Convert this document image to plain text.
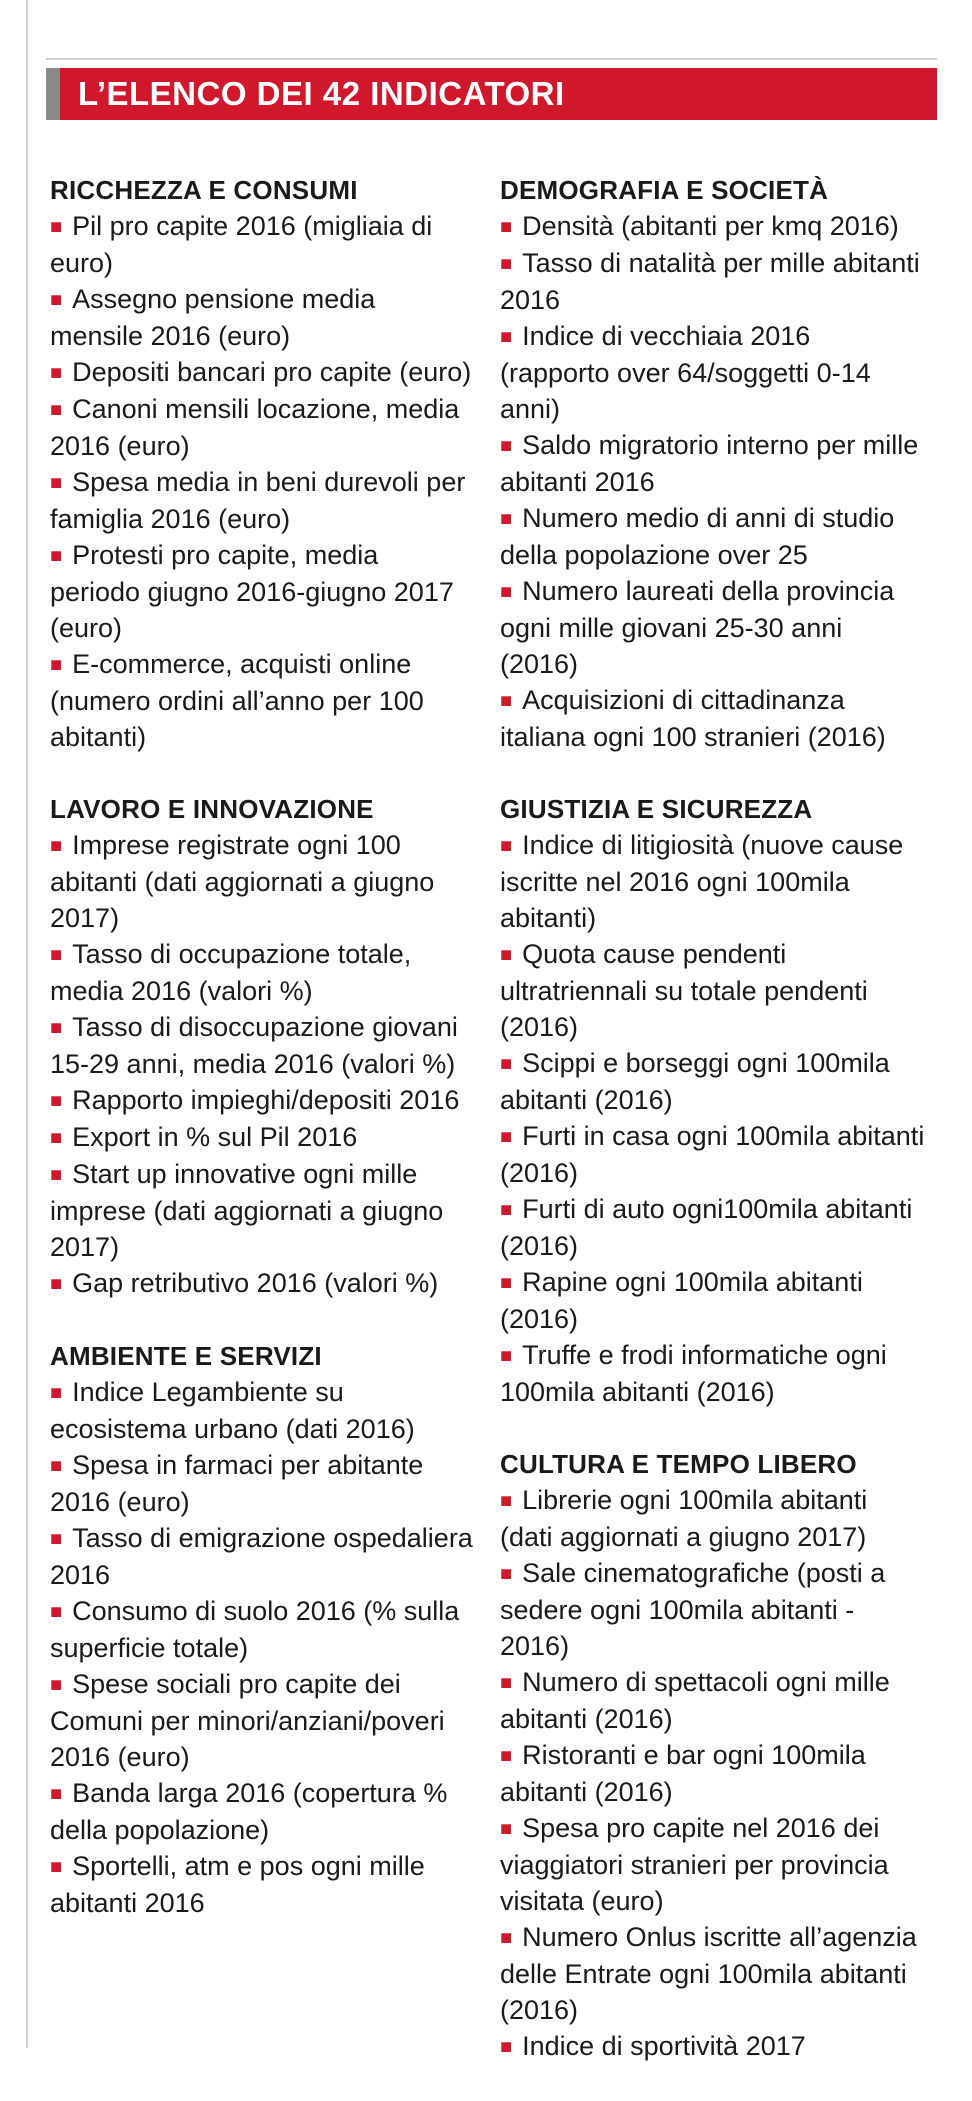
L’ELENCO DEI 42 INDICATORI
RICCHEZZA E CONSUMI
■ Pil pro capite 2016 (migliaia di euro)
■ Assegno pensione media mensile 2016 (euro)
■ Depositi bancari pro capite (euro)
■ Canoni mensili locazione, media 2016 (euro)
■ Spesa media in beni durevoli per famiglia 2016 (euro)
■ Protesti pro capite, media periodo giugno 2016-giugno 2017 (euro)
■ E-commerce, acquisti online (numero ordini all’anno per 100 abitanti)
LAVORO E INNOVAZIONE
■ Imprese registrate ogni 100 abitanti (dati aggiornati a giugno 2017)
■ Tasso di occupazione totale, media 2016 (valori %)
■ Tasso di disoccupazione giovani 15-29 anni, media 2016 (valori %)
■ Rapporto impieghi/depositi 2016
■ Export in % sul Pil 2016
■ Start up innovative ogni mille imprese (dati aggiornati a giugno 2017)
■ Gap retributivo 2016 (valori %)
AMBIENTE E SERVIZI
■ Indice Legambiente su ecosistema urbano (dati 2016)
■ Spesa in farmaci per abitante 2016 (euro)
■ Tasso di emigrazione ospedaliera 2016
■ Consumo di suolo 2016 (% sulla superficie totale)
■ Spese sociali pro capite dei Comuni per minori/anziani/poveri 2016 (euro)
■ Banda larga 2016 (copertura % della popolazione)
■ Sportelli, atm e pos ogni mille abitanti 2016
DEMOGRAFIA E SOCIETÀ
■ Densità (abitanti per kmq 2016)
■ Tasso di natalità per mille abitanti 2016
■ Indice di vecchiaia 2016 (rapporto over 64/soggetti 0-14 anni)
■ Saldo migratorio interno per mille abitanti 2016
■ Numero medio di anni di studio della popolazione over 25
■ Numero laureati della provincia ogni mille giovani 25-30 anni (2016)
■ Acquisizioni di cittadinanza italiana ogni 100 stranieri (2016)
GIUSTIZIA E SICUREZZA
■ Indice di litigiosità (nuove cause iscritte nel 2016 ogni 100mila abitanti)
■ Quota cause pendenti ultratriennali su totale pendenti (2016)
■ Scippi e borseggi ogni 100mila abitanti (2016)
■ Furti in casa ogni 100mila abitanti (2016)
■ Furti di auto ogni100mila abitanti (2016)
■ Rapine ogni 100mila abitanti (2016)
■ Truffe e frodi informatiche ogni 100mila abitanti (2016)
CULTURA E TEMPO LIBERO
■ Librerie ogni 100mila abitanti (dati aggiornati a giugno 2017)
■ Sale cinematografiche (posti a sedere ogni 100mila abitanti - 2016)
■ Numero di spettacoli ogni mille abitanti (2016)
■ Ristoranti e bar ogni 100mila abitanti (2016)
■ Spesa pro capite nel 2016 dei viaggiatori stranieri per provincia visitata (euro)
■ Numero Onlus iscritte all’agenzia delle Entrate ogni 100mila abitanti (2016)
■ Indice di sportività 2017
